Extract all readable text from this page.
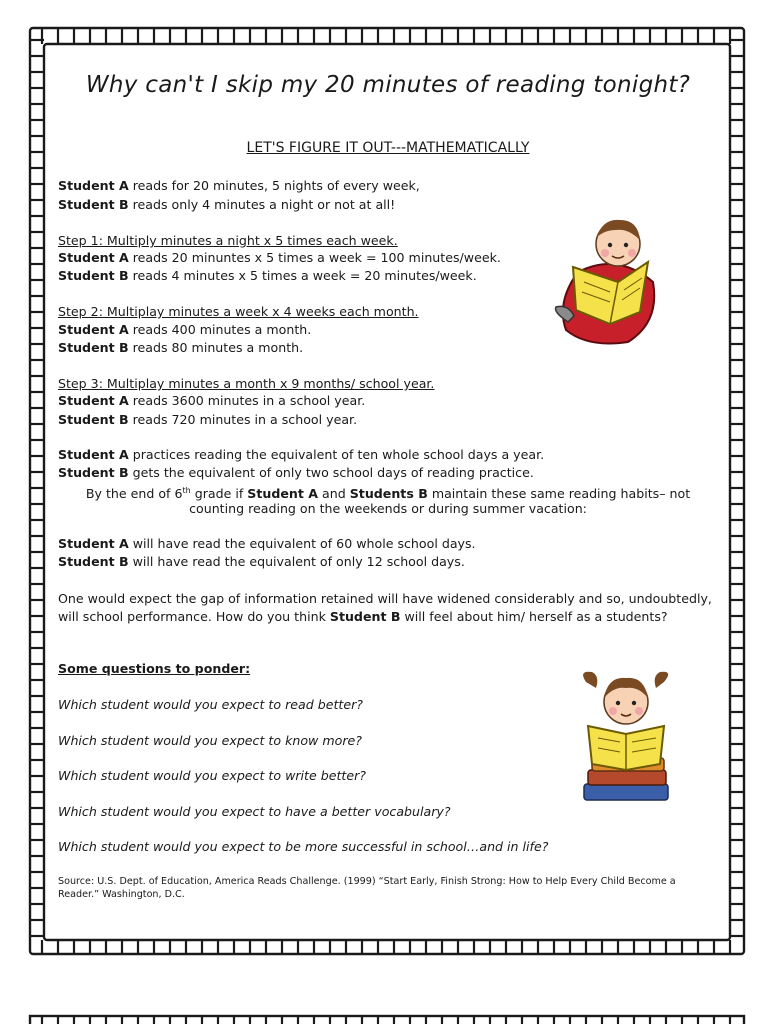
Why can't I skip my 20 minutes of reading tonight?
LET'S FIGURE IT OUT---MATHEMATICALLY
Student A reads for 20 minutes, 5 nights of every week,
Student B reads only 4 minutes a night or not at all!
Step 1: Multiply minutes a night x 5 times each week.
Student A reads 20 minuntes x 5 times a week = 100 minutes/week.
Student B reads 4 minutes x 5 times a week = 20 minutes/week.
Step 2: Multiplay minutes a week x 4 weeks each month.
Student A reads 400 minutes a month.
Student B reads 80 minutes a month.
Step 3: Multiplay minutes a month x 9 months/ school year.
Student A reads 3600 minutes in a school year.
Student B reads 720 minutes in a school year.
Student A practices reading the equivalent of ten whole school days a year.
Student B gets the equivalent of only two school days of reading practice.
By the end of 6th grade if Student A and Students B maintain these same reading habits– not
counting reading on the weekends or during summer vacation:
Student A will have read the equivalent of 60 whole school days.
Student B will have read the equivalent of only 12 school days.
One would expect the gap of information retained will have widened considerably and so, undoubtedly, will school performance. How do you think Student B will feel about him/ herself as a students?
Some questions to ponder:
Which student would you expect to read better?
Which student would you expect to know more?
Which student would you expect to write better?
Which student would you expect to have a better vocabulary?
Which student would you expect to be more successful in school…and in life?
Source: U.S. Dept. of Education, America Reads Challenge. (1999) “Start Early, Finish Strong: How to Help Every Child Become a Reader.” Washington, D.C.
